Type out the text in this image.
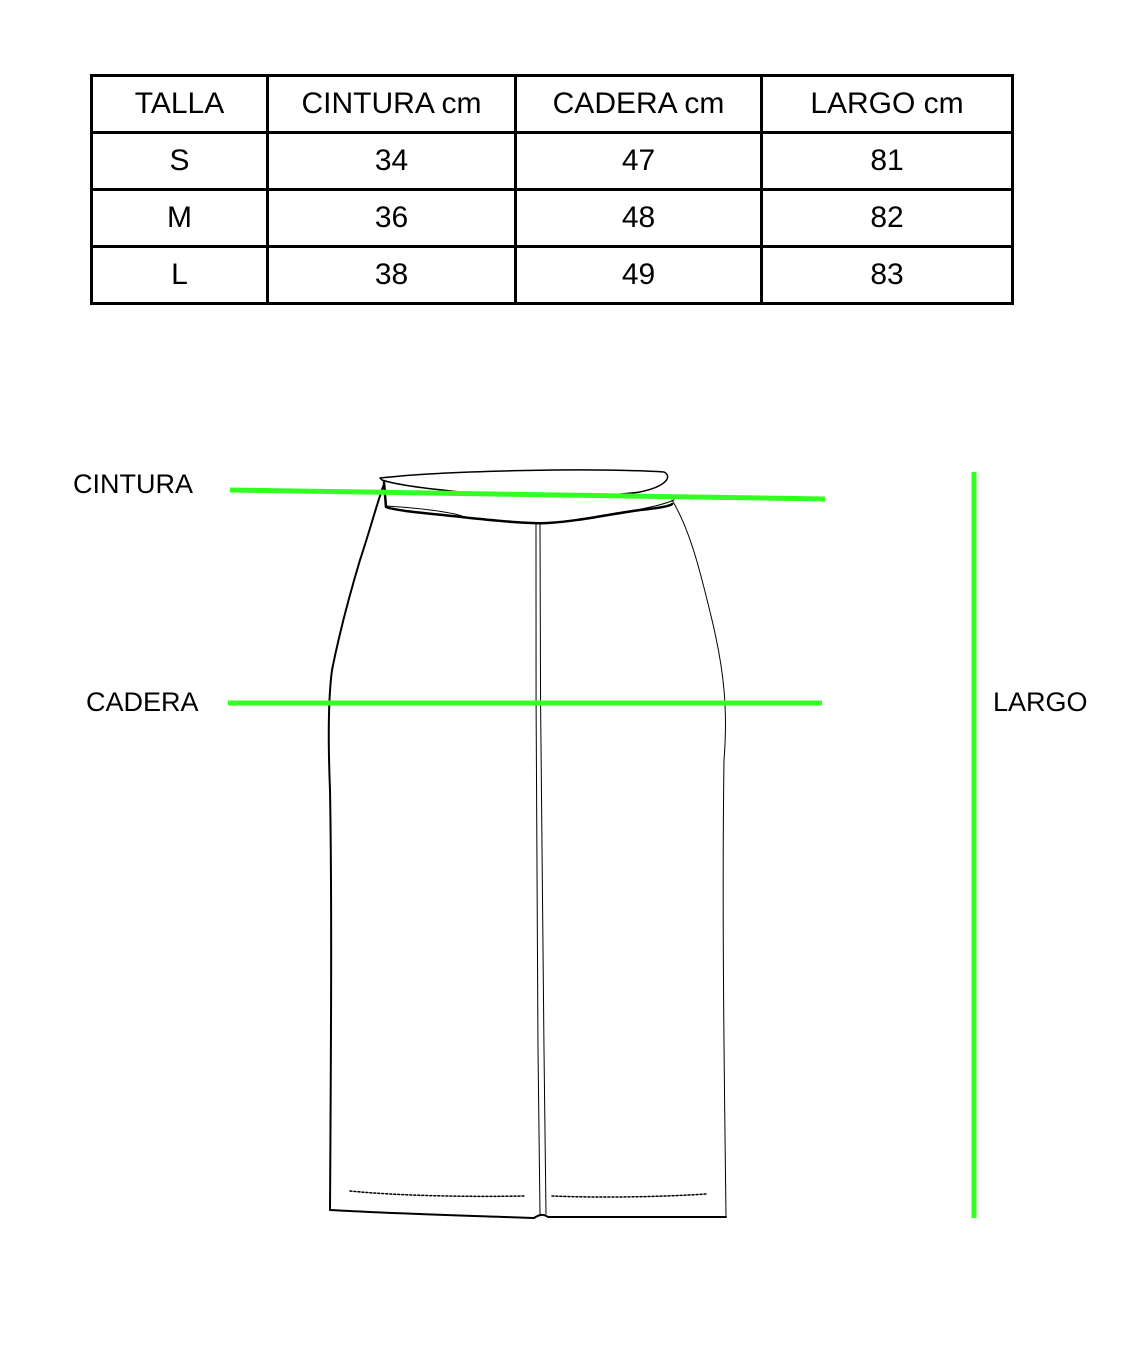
TALLA	CINTURA cm	CADERA cm	LARGO cm
S	34	47	81
M	36	48	82
L	38	49	83
CINTURA
CADERA	LARGO
